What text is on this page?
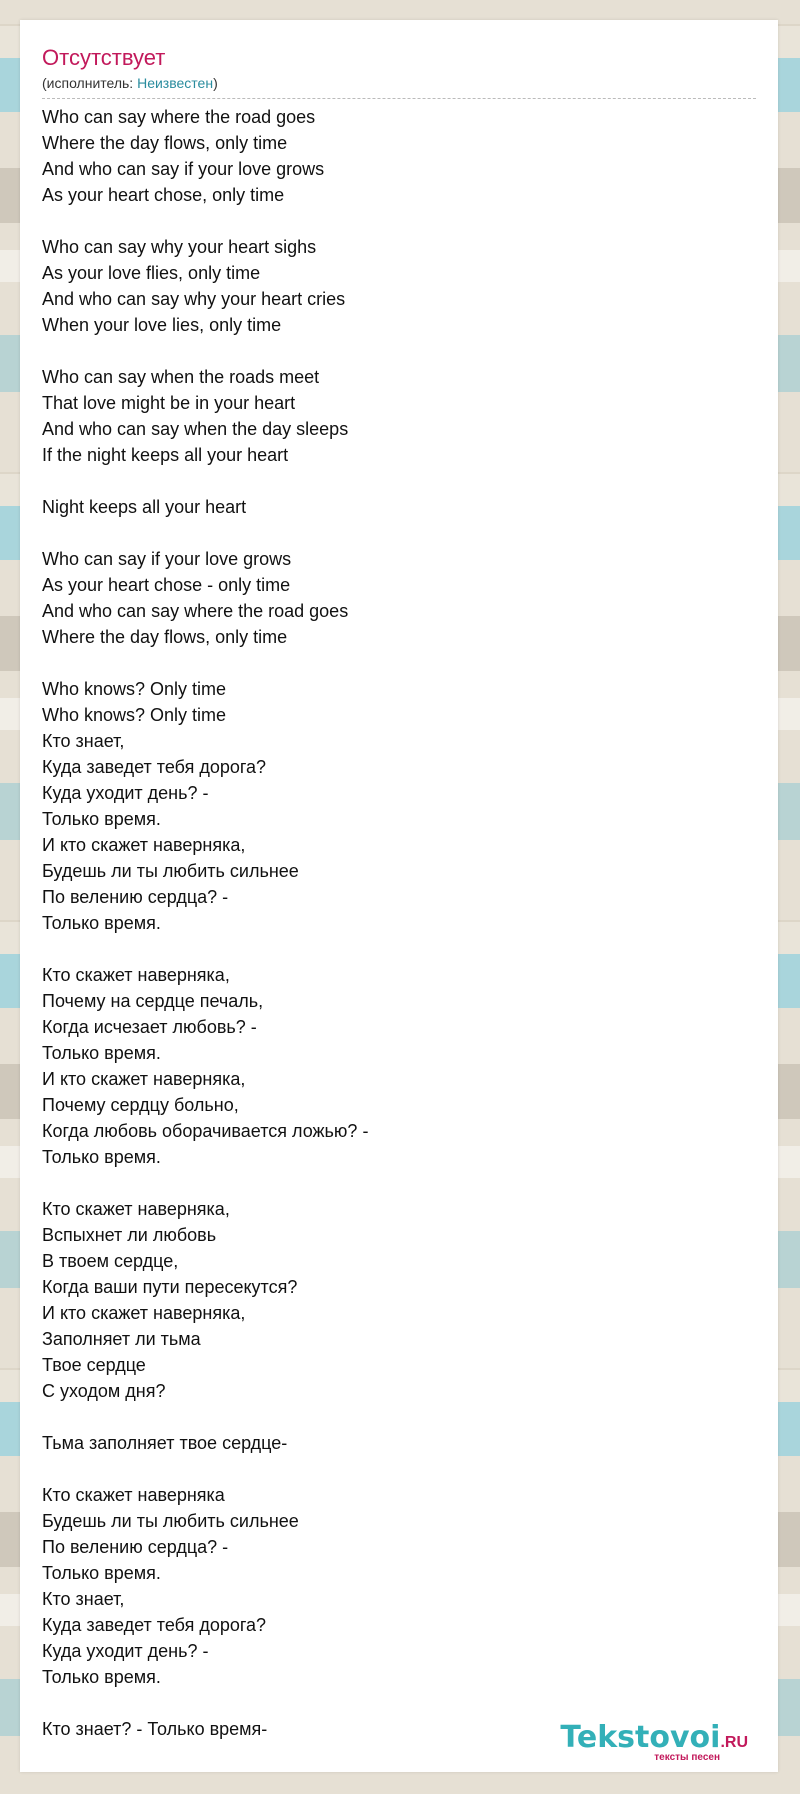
Отсутствует
(исполнитель: Неизвестен)
Who can say where the road goes
Where the day flows, only time
And who can say if your love grows
As your heart chose, only time
Who can say why your heart sighs
As your love flies, only time
And who can say why your heart cries
When your love lies, only time
Who can say when the roads meet
That love might be in your heart
And who can say when the day sleeps
If the night keeps all your heart
Night keeps all your heart
Who can say if your love grows
As your heart chose - only time
And who can say where the road goes
Where the day flows, only time
Who knows? Only time
Who knows? Only time
Кто знает,
Куда заведет тебя дорога?
Куда уходит день? -
Только время.
И кто скажет наверняка,
Будешь ли ты любить сильнее
По велению сердца? -
Только время.
Кто скажет наверняка,
Почему на сердце печаль,
Когда исчезает любовь? -
Только время.
И кто скажет наверняка,
Почему сердцу больно,
Когда любовь оборачивается ложью? -
Только время.
Кто скажет наверняка,
Вспыхнет ли любовь
В твоем сердце,
Когда ваши пути пересекутся?
И кто скажет наверняка,
Заполняет ли тьма
Твое сердце
С уходом дня?
Тьма заполняет твое сердце-
Кто скажет наверняка
Будешь ли ты любить сильнее
По велению сердца? -
Только время.
Кто знает,
Куда заведет тебя дорога?
Куда уходит день? -
Только время.
Кто знает? - Только время-	Tekstovoi.RU
тексты песен
